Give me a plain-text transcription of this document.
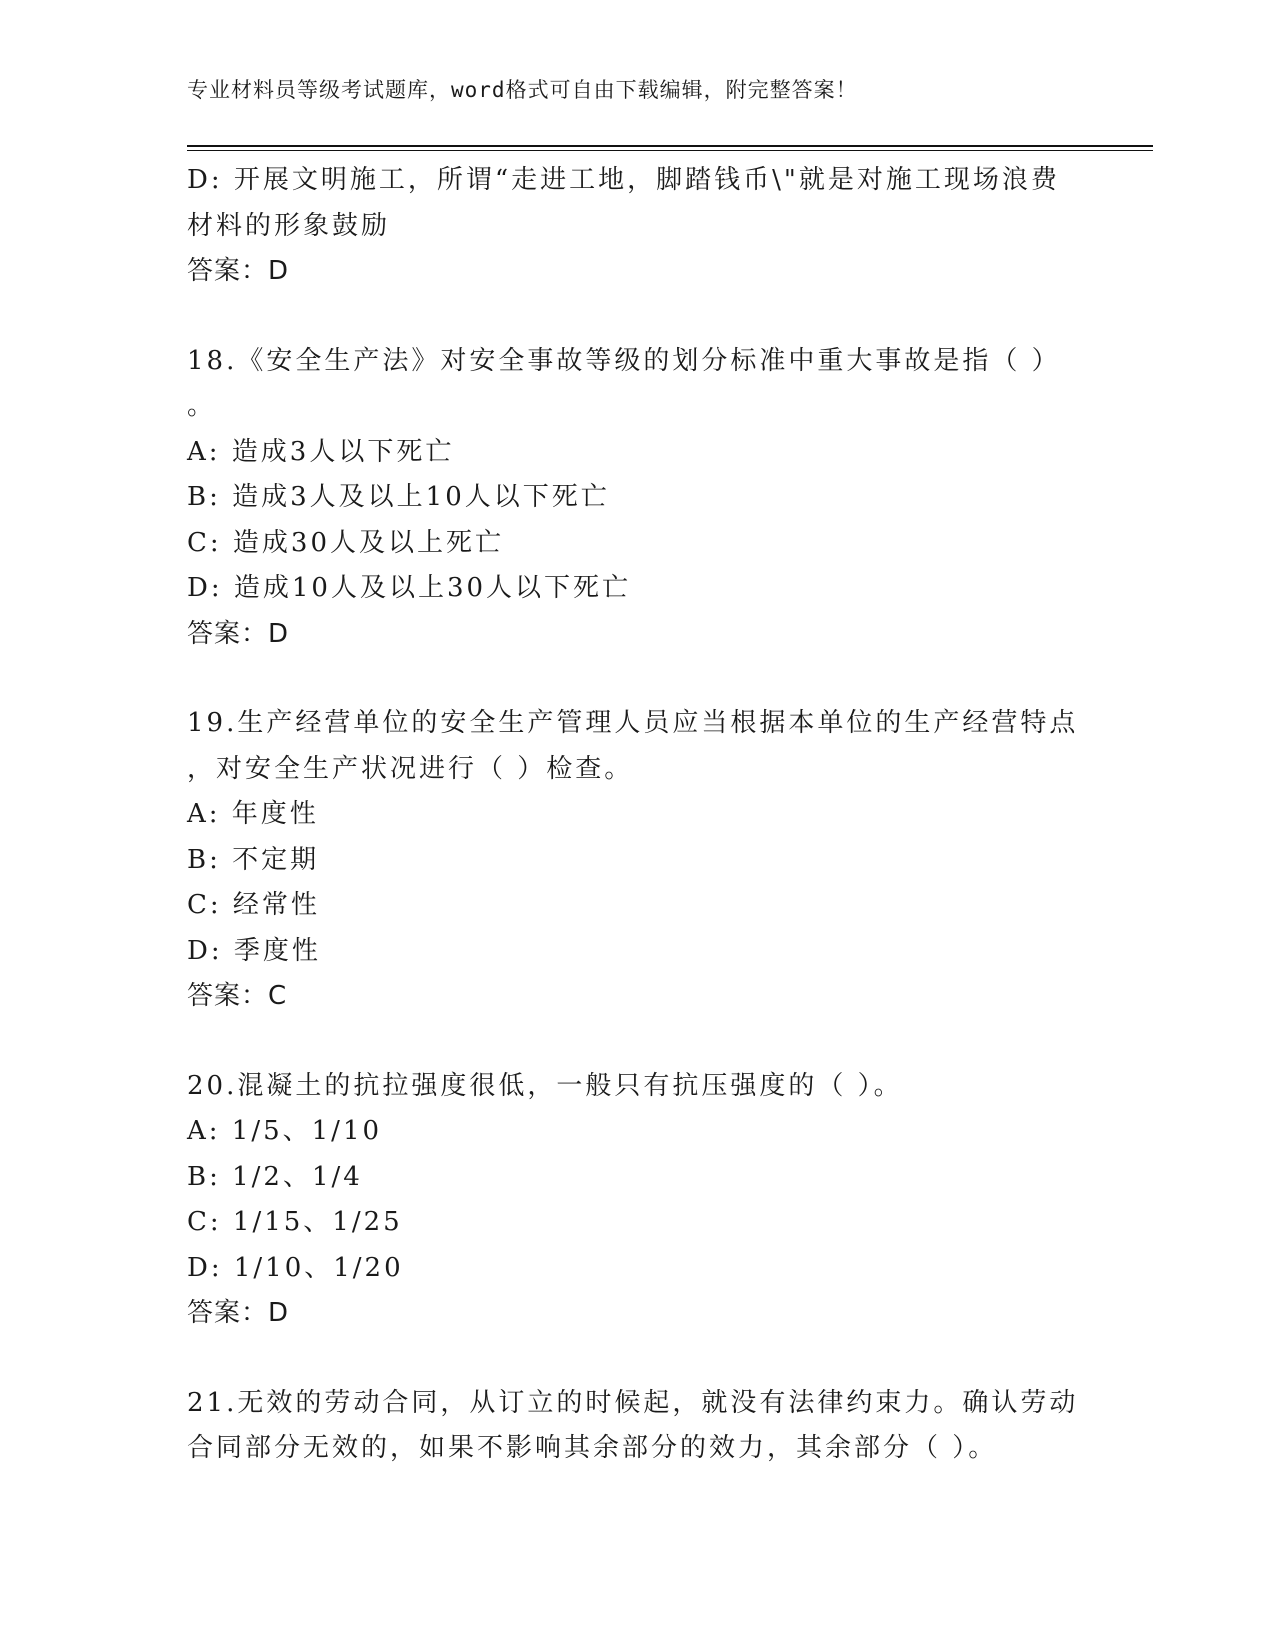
专业材料员等级考试题库，word格式可自由下载编辑，附完整答案！
D: 开展文明施工，所谓“走进工地，脚踏钱币\"就是对施工现场浪费
材料的形象鼓励
答案：D
18.《安全生产法》对安全事故等级的划分标准中重大事故是指（ ）
。
A: 造成3人以下死亡
B: 造成3人及以上10人以下死亡
C: 造成30人及以上死亡
D: 造成10人及以上30人以下死亡
答案：D
19.生产经营单位的安全生产管理人员应当根据本单位的生产经营特点
，对安全生产状况进行（ ）检查。
A: 年度性
B: 不定期
C: 经常性
D: 季度性
答案：C
20.混凝土的抗拉强度很低，一般只有抗压强度的（ ）。
A: 1/5、1/10
B: 1/2、1/4
C: 1/15、1/25
D: 1/10、1/20
答案：D
21.无效的劳动合同，从订立的时候起，就没有法律约束力。确认劳动
合同部分无效的，如果不影响其余部分的效力，其余部分（ ）。
